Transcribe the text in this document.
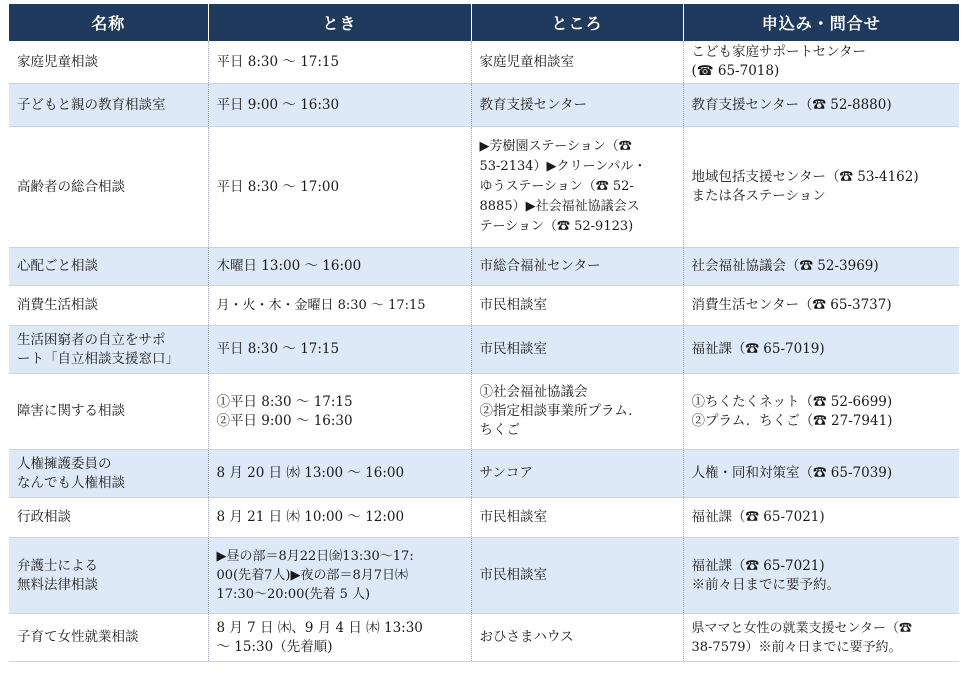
名称	とき	ところ	申込み・問合せ
家庭児童相談	平日 8:30 ～ 17:15	家庭児童相談室	こども家庭サポートセンター
(☎ 65-7018)
子どもと親の教育相談室	平日 9:00 ～ 16:30	教育支援センター	教育支援センター（☎ 52-8880)
高齢者の総合相談	平日 8:30 ～ 17:00	▶芳樹園ステーション（☎
53-2134）▶クリーンパル・
ゆうステーション（☎ 52-
8885）▶社会福祉協議会ス
テーション（☎ 52-9123)	地域包括支援センター（☎ 53-4162)
または各ステーション
心配ごと相談	木曜日 13:00 ～ 16:00	市総合福祉センター	社会福祉協議会（☎ 52-3969)
消費生活相談	月・火・木・金曜日 8:30 ～ 17:15	市民相談室	消費生活センター（☎ 65-3737)
生活困窮者の自立をサポ
ート「自立相談支援窓口」	平日 8:30 ～ 17:15	市民相談室	福祉課（☎ 65-7019)
障害に関する相談	①平日 8:30 ～ 17:15
②平日 9:00 ～ 16:30	①社会福祉協議会
②指定相談事業所プラム．
ちくご	①ちくたくネット（☎ 52-6699)
②プラム．ちくご（☎ 27-7941)
人権擁護委員の
なんでも人権相談	8 月 20 日 ㈬ 13:00 ～ 16:00	サンコア	人権・同和対策室（☎ 65-7039)
行政相談	8 月 21 日 ㈭ 10:00 ～ 12:00	市民相談室	福祉課（☎ 65-7021)
弁護士による
無料法律相談	▶昼の部＝8月22日㈮13:30～17:
00(先着7人)▶夜の部＝8月7日㈭
17:30～20:00(先着 5 人)	市民相談室	福祉課（☎ 65-7021)
※前々日までに要予約。
子育て女性就業相談	8 月 7 日 ㈭、9 月 4 日 ㈭ 13:30
～ 15:30（先着順)	おひさまハウス	県ママと女性の就業支援センター（☎
38-7579）※前々日までに要予約。
